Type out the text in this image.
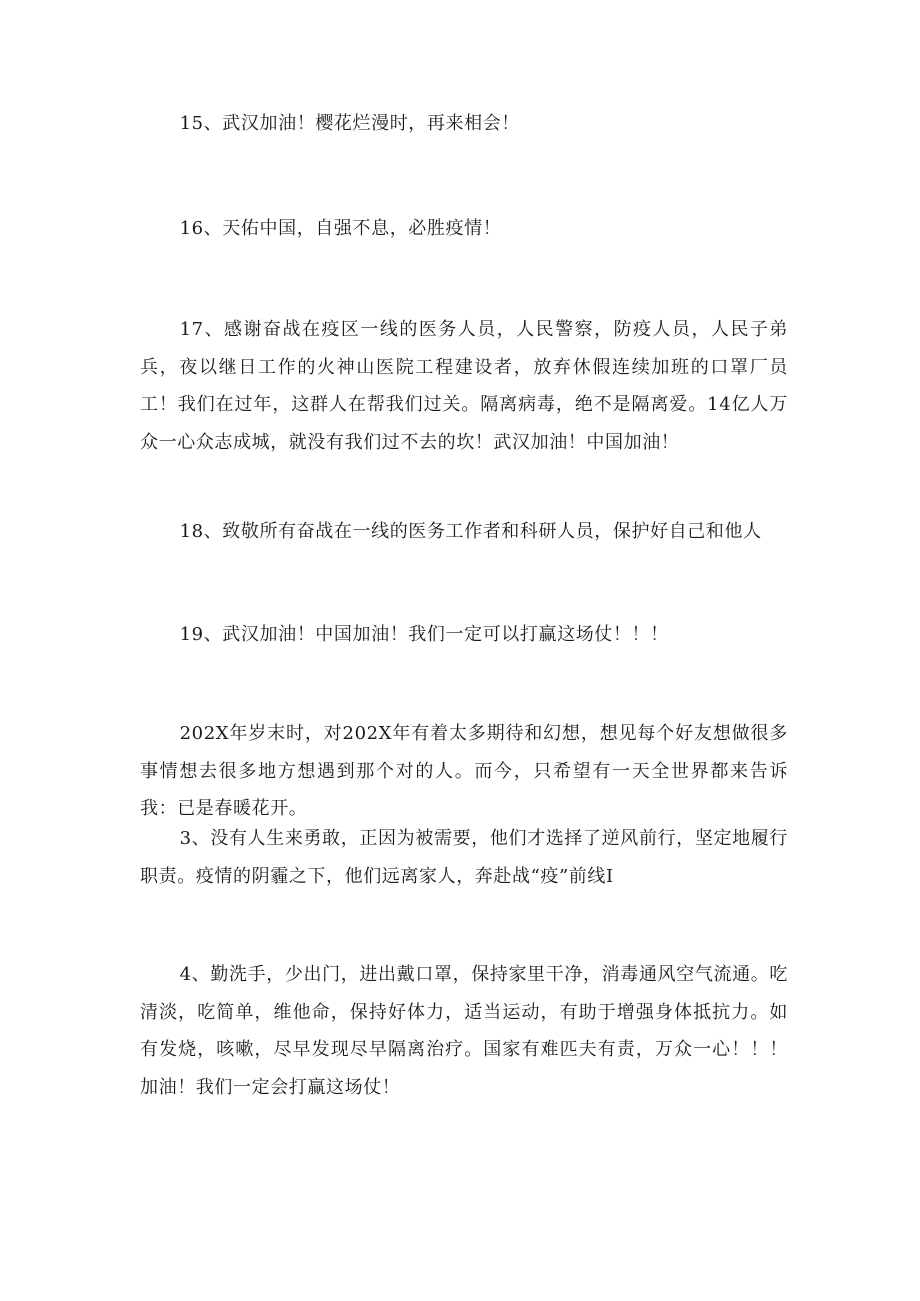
15、武汉加油！樱花烂漫时，再来相会！

16、天佑中国，自强不息，必胜疫情！

17、感谢奋战在疫区一线的医务人员，人民警察，防疫人员，人民子弟兵，夜以继日工作的火神山医院工程建设者，放弃休假连续加班的口罩厂员工！我们在过年，这群人在帮我们过关。隔离病毒，绝不是隔离爱。14亿人万众一心众志成城，就没有我们过不去的坎！武汉加油！中国加油！

18、致敬所有奋战在一线的医务工作者和科研人员，保护好自己和他人

19、武汉加油！中国加油！我们一定可以打赢这场仗！！！

202X年岁末时，对202X年有着太多期待和幻想，想见每个好友想做很多事情想去很多地方想遇到那个对的人。而今，只希望有一天全世界都来告诉我：已是春暖花开。

3、没有人生来勇敢，正因为被需要，他们才选择了逆风前行，坚定地履行职责。疫情的阴霾之下，他们远离家人，奔赴战“疫”前线I

4、勤洗手，少出门，进出戴口罩，保持家里干净，消毒通风空气流通。吃清淡，吃简单，维他命，保持好体力，适当运动，有助于增强身体抵抗力。如有发烧，咳嗽，尽早发现尽早隔离治疗。国家有难匹夫有责，万众一心！！！加油！我们一定会打赢这场仗！
